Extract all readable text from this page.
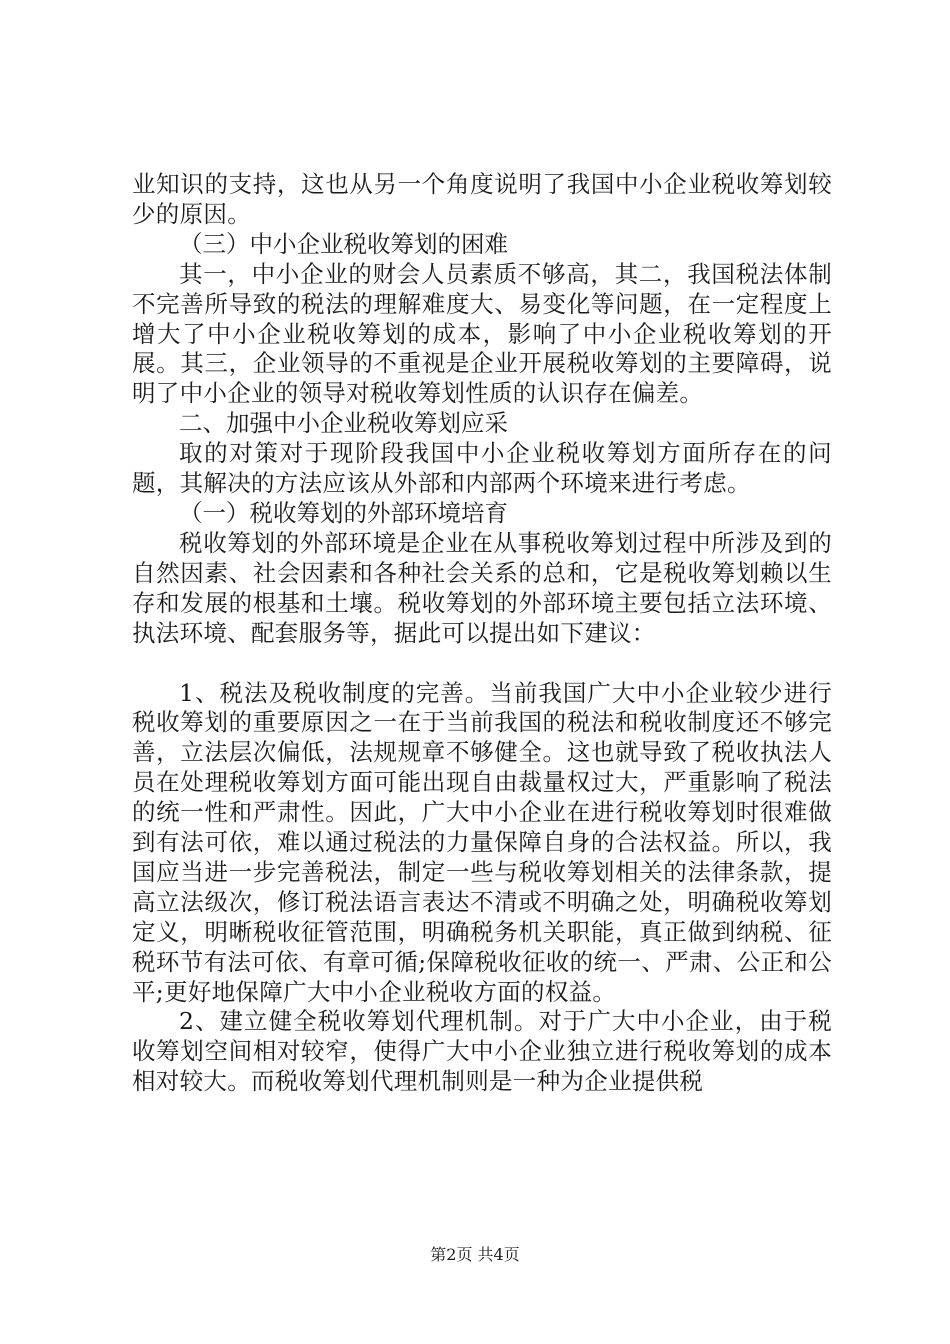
业知识的支持，这也从另一个角度说明了我国中小企业税收筹划较少的原因。

（三）中小企业税收筹划的困难

其一，中小企业的财会人员素质不够高，其二，我国税法体制不完善所导致的税法的理解难度大、易变化等问题，在一定程度上增大了中小企业税收筹划的成本，影响了中小企业税收筹划的开展。其三，企业领导的不重视是企业开展税收筹划的主要障碍，说明了中小企业的领导对税收筹划性质的认识存在偏差。

二、加强中小企业税收筹划应采

取的对策对于现阶段我国中小企业税收筹划方面所存在的问题，其解决的方法应该从外部和内部两个环境来进行考虑。

（一）税收筹划的外部环境培育

税收筹划的外部环境是企业在从事税收筹划过程中所涉及到的自然因素、社会因素和各种社会关系的总和，它是税收筹划赖以生存和发展的根基和土壤。税收筹划的外部环境主要包括立法环境、执法环境、配套服务等，据此可以提出如下建议：

1、税法及税收制度的完善。当前我国广大中小企业较少进行税收筹划的重要原因之一在于当前我国的税法和税收制度还不够完善，立法层次偏低，法规规章不够健全。这也就导致了税收执法人员在处理税收筹划方面可能出现自由裁量权过大，严重影响了税法的统一性和严肃性。因此，广大中小企业在进行税收筹划时很难做到有法可依，难以通过税法的力量保障自身的合法权益。所以，我国应当进一步完善税法，制定一些与税收筹划相关的法律条款，提高立法级次，修订税法语言表达不清或不明确之处，明确税收筹划定义，明晰税收征管范围，明确税务机关职能，真正做到纳税、征税环节有法可依、有章可循;保障税收征收的统一、严肃、公正和公平;更好地保障广大中小企业税收方面的权益。

2、建立健全税收筹划代理机制。对于广大中小企业，由于税收筹划空间相对较窄，使得广大中小企业独立进行税收筹划的成本相对较大。而税收筹划代理机制则是一种为企业提供税

第2页 共4页
